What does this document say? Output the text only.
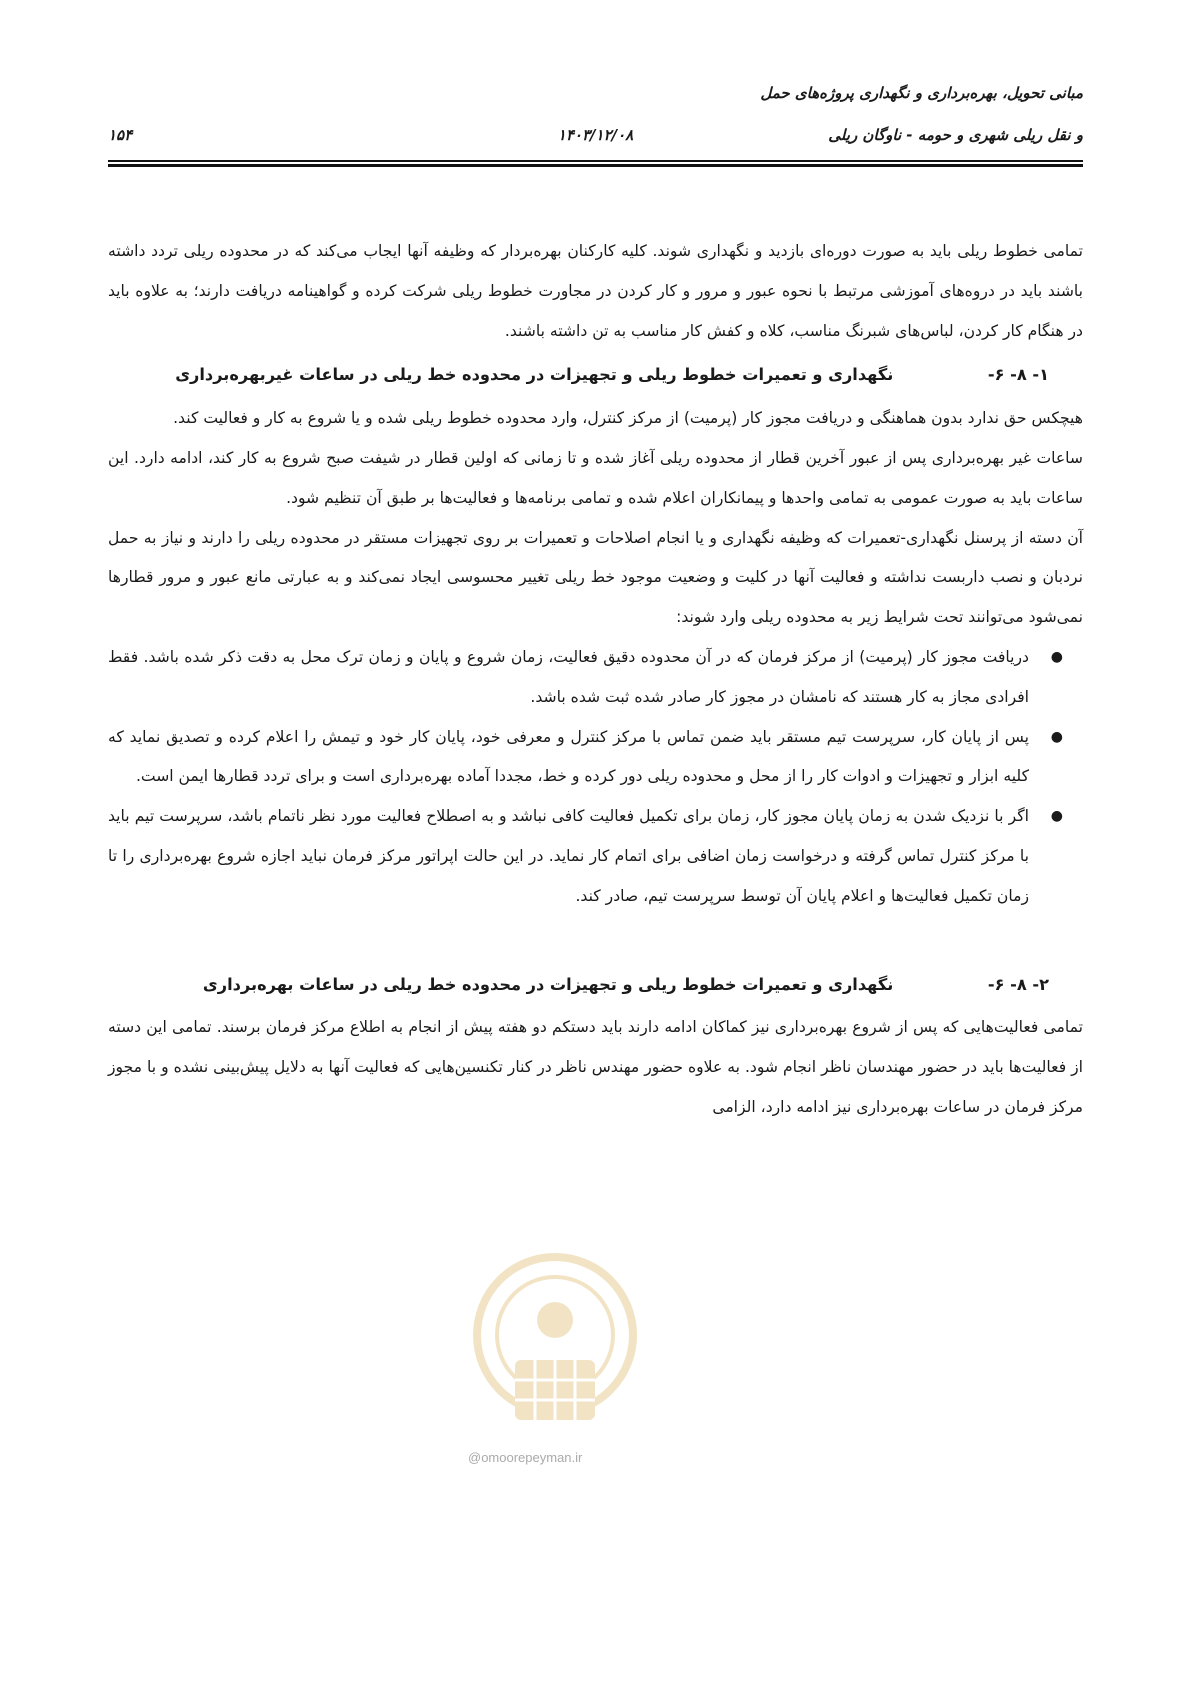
مبانی تحویل، بهره‌برداری و نگهداری پروژه‌های حمل
و نقل ریلی شهری و حومه - ناوگان ریلی
۱۴۰۳/۱۲/۰۸
۱۵۴

تمامی خطوط ریلی باید به صورت دوره‌ای بازدید و نگهداری شوند. کلیه کارکنان بهره‌بردار که وظیفه آنها ایجاب می‌کند که در محدوده ریلی تردد داشته باشند باید در دروه‌های آموزشی مرتبط با نحوه عبور و مرور و کار کردن در مجاورت خطوط ریلی شرکت کرده و گواهینامه دریافت دارند؛ به علاوه باید در هنگام کار کردن، لباس‌های شبرنگ مناسب، کلاه و کفش کار مناسب به تن داشته باشند.

-۶ -۸ -۱ نگهداری و تعمیرات خطوط ریلی و تجهیزات در محدوده خط ریلی در ساعات غیربهره‌برداری

هیچکس حق ندارد بدون هماهنگی و دریافت مجوز کار (پرمیت) از مرکز کنترل، وارد محدوده خطوط ریلی شده و یا شروع به کار و فعالیت کند.

ساعات غیر بهره‌برداری پس از عبور آخرین قطار از محدوده ریلی آغاز شده و تا زمانی که اولین قطار در شیفت صبح شروع به کار کند، ادامه دارد. این ساعات باید به صورت عمومی به تمامی واحدها و پیمانکاران اعلام شده و تمامی برنامه‌ها و فعالیت‌ها بر طبق آن تنظیم شود.

آن دسته از پرسنل نگهداری-تعمیرات که وظیفه نگهداری و یا انجام اصلاحات و تعمیرات بر روی تجهیزات مستقر در محدوده ریلی را دارند و نیاز به حمل نردبان و نصب داربست نداشته و فعالیت آنها در کلیت و وضعیت موجود خط ریلی تغییر محسوسی ایجاد نمی‌کند و به عبارتی مانع عبور و مرور قطارها نمی‌شود می‌توانند تحت شرایط زیر به محدوده ریلی وارد شوند:

●
دریافت مجوز کار (پرمیت) از مرکز فرمان که در آن محدوده دقیق فعالیت، زمان شروع و پایان و زمان ترک محل به دقت ذکر شده باشد. فقط افرادی مجاز به کار هستند که نامشان در مجوز کار صادر شده ثبت شده باشد.
●
پس از پایان کار، سرپرست تیم مستقر باید ضمن تماس با مرکز کنترل و معرفی خود، پایان کار خود و تیمش را اعلام کرده و تصدیق نماید که کلیه ابزار و تجهیزات و ادوات کار را از محل و محدوده ریلی دور کرده و خط، مجددا آماده بهره‌برداری است و برای تردد قطارها ایمن است.
●
اگر با نزدیک شدن به زمان پایان مجوز کار، زمان برای تکمیل فعالیت کافی نباشد و به اصطلاح فعالیت مورد نظر ناتمام باشد، سرپرست تیم باید با مرکز کنترل تماس گرفته و درخواست زمان اضافی برای اتمام کار نماید. در این حالت اپراتور مرکز فرمان نباید اجازه شروع بهره‌برداری را تا زمان تکمیل فعالیت‌ها و اعلام پایان آن توسط سرپرست تیم، صادر کند.

-۶ -۸ -۲ نگهداری و تعمیرات خطوط ریلی و تجهیزات در محدوده خط ریلی در ساعات بهره‌برداری

تمامی فعالیت‌هایی که پس از شروع بهره‌برداری نیز کماکان ادامه دارند باید دستکم دو هفته پیش از انجام به اطلاع مرکز فرمان برسند. تمامی این دسته از فعالیت‌ها باید در حضور مهندسان ناظر انجام شود. به علاوه حضور مهندس ناظر در کنار تکنسین‌هایی که فعالیت آنها به دلایل پیش‌بینی نشده و با مجوز مرکز فرمان در ساعات بهره‌برداری نیز ادامه دارد، الزامی

@omoorepeyman.ir
